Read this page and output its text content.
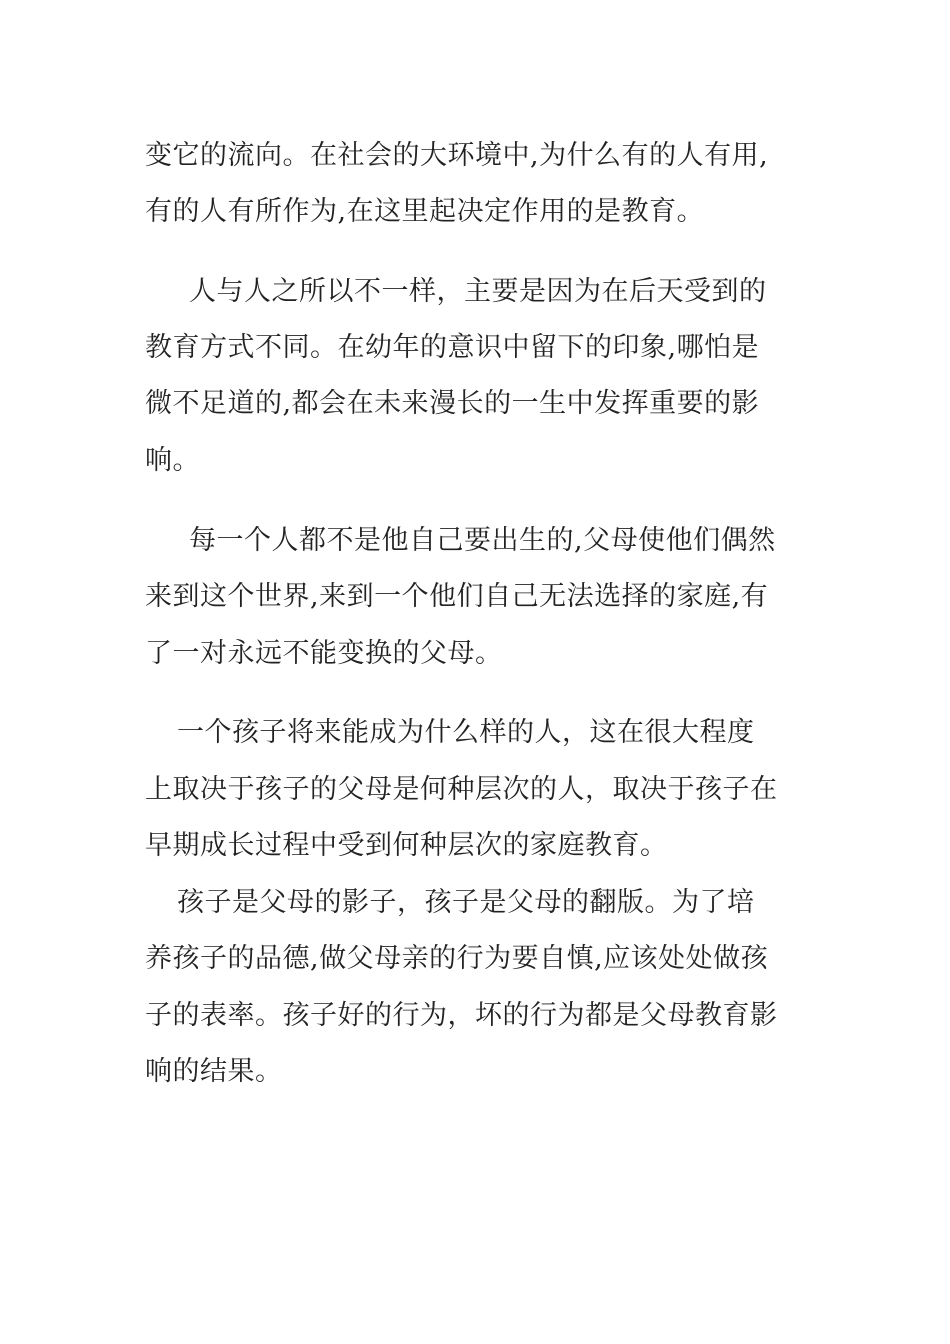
变它的流向。在社会的大环境中,为什么有的人有用,

有的人有所作为,在这里起决定作用的是教育。

人与人之所以不一样，主要是因为在后天受到的

教育方式不同。在幼年的意识中留下的印象,哪怕是

微不足道的,都会在未来漫长的一生中发挥重要的影

响。

每一个人都不是他自己要出生的,父母使他们偶然

来到这个世界,来到一个他们自己无法选择的家庭,有

了一对永远不能变换的父母。

一个孩子将来能成为什么样的人，这在很大程度

上取决于孩子的父母是何种层次的人，取决于孩子在

早期成长过程中受到何种层次的家庭教育。

孩子是父母的影子，孩子是父母的翻版。为了培

养孩子的品德,做父母亲的行为要自慎,应该处处做孩

子的表率。孩子好的行为，坏的行为都是父母教育影

响的结果。
